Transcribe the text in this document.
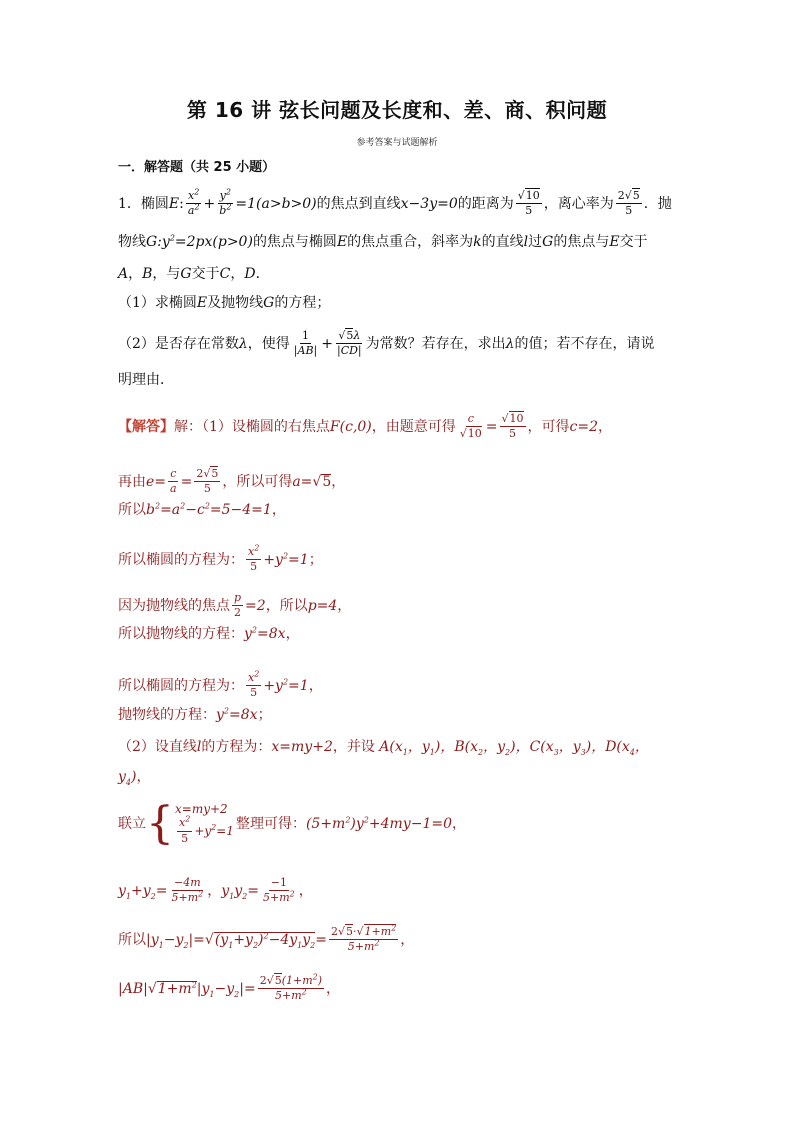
第 16 讲 弦长问题及长度和、差、商、积问题
参考答案与试题解析
一．解答题（共 25 小题）
1． 椭圆 E : $\frac{x^2}{a^2} + \frac{y^2}{b^2} =1(a>b>0)$ 的焦点到直线 x−3y=0 的距离为 $\frac{√10}{5}$ ，离心率为 $\frac{2√5}{5}$ ．抛
物线 $G:y^2=2px(p>0)$ 的焦点与椭圆 E 的焦点重合，斜率为 k 的直线 l 过 G 的焦点与 E 交于
A ， B ，与 G 交于 C ， D ．
（1）求椭圆 E 及抛物线 G 的方程；
（2）是否存在常数 λ ，使得 $\frac{1}{|AB|} + \frac{√5\lambda}{|CD|}$ 为常数？若存在，求出 λ 的值；若不存在，请说
明理由．
【解答】 解：（1）设椭圆的右焦点 F(c,0) ，由题意可得 $\frac{c}{√10} = \frac{√10}{5}$ ，可得 c=2 ，
再由 $e= \frac{c}{a} = \frac{2√5}{5}$ ，所以可得 a= √ 5 ，
所以 $b^2=a^2-c^2=5-4=1$ ，
所以椭圆的方程为： $\frac{x^2}{5} +y^2=1$ ；
因为抛物线的焦点 $\frac{p}{2} =2$ ，所以 p=4 ，
所以抛物线的方程： $y^2=8x$ ，
所以椭圆的方程为： $\frac{x^2}{5} +y^2=1$ ，
抛物线的方程： $y^2=8x$ ；
（2）设直线 l 的方程为： x=my+2 ，并设 $A(x_1$，$y_1$)，$B(x_2$，$y_2$)，$C(x_3$，$y_3$)，$D(x_4$，
$y_4$) ，
联立 { x=my+2
$\frac{x^2}{5} +y^2=1$ 整理可得： $(5+m^2)y^2+4my-1=0$ ，
$y_1+y_2= \frac{-4m}{5+m^2}$ ， $y_1y_2= \frac{-1}{5+m^2}$ ，
所以 $|y_1-y_2|=$ √ $(y_1+y_2)^2-4y_1y_2 = \frac{2√5\cdot√1+m^2}{5+m^2}$ ，
|AB| √ $1+m^2$ $|y_1-y_2|= \frac{2√5(1+m^2)}{5+m^2}$ ，
